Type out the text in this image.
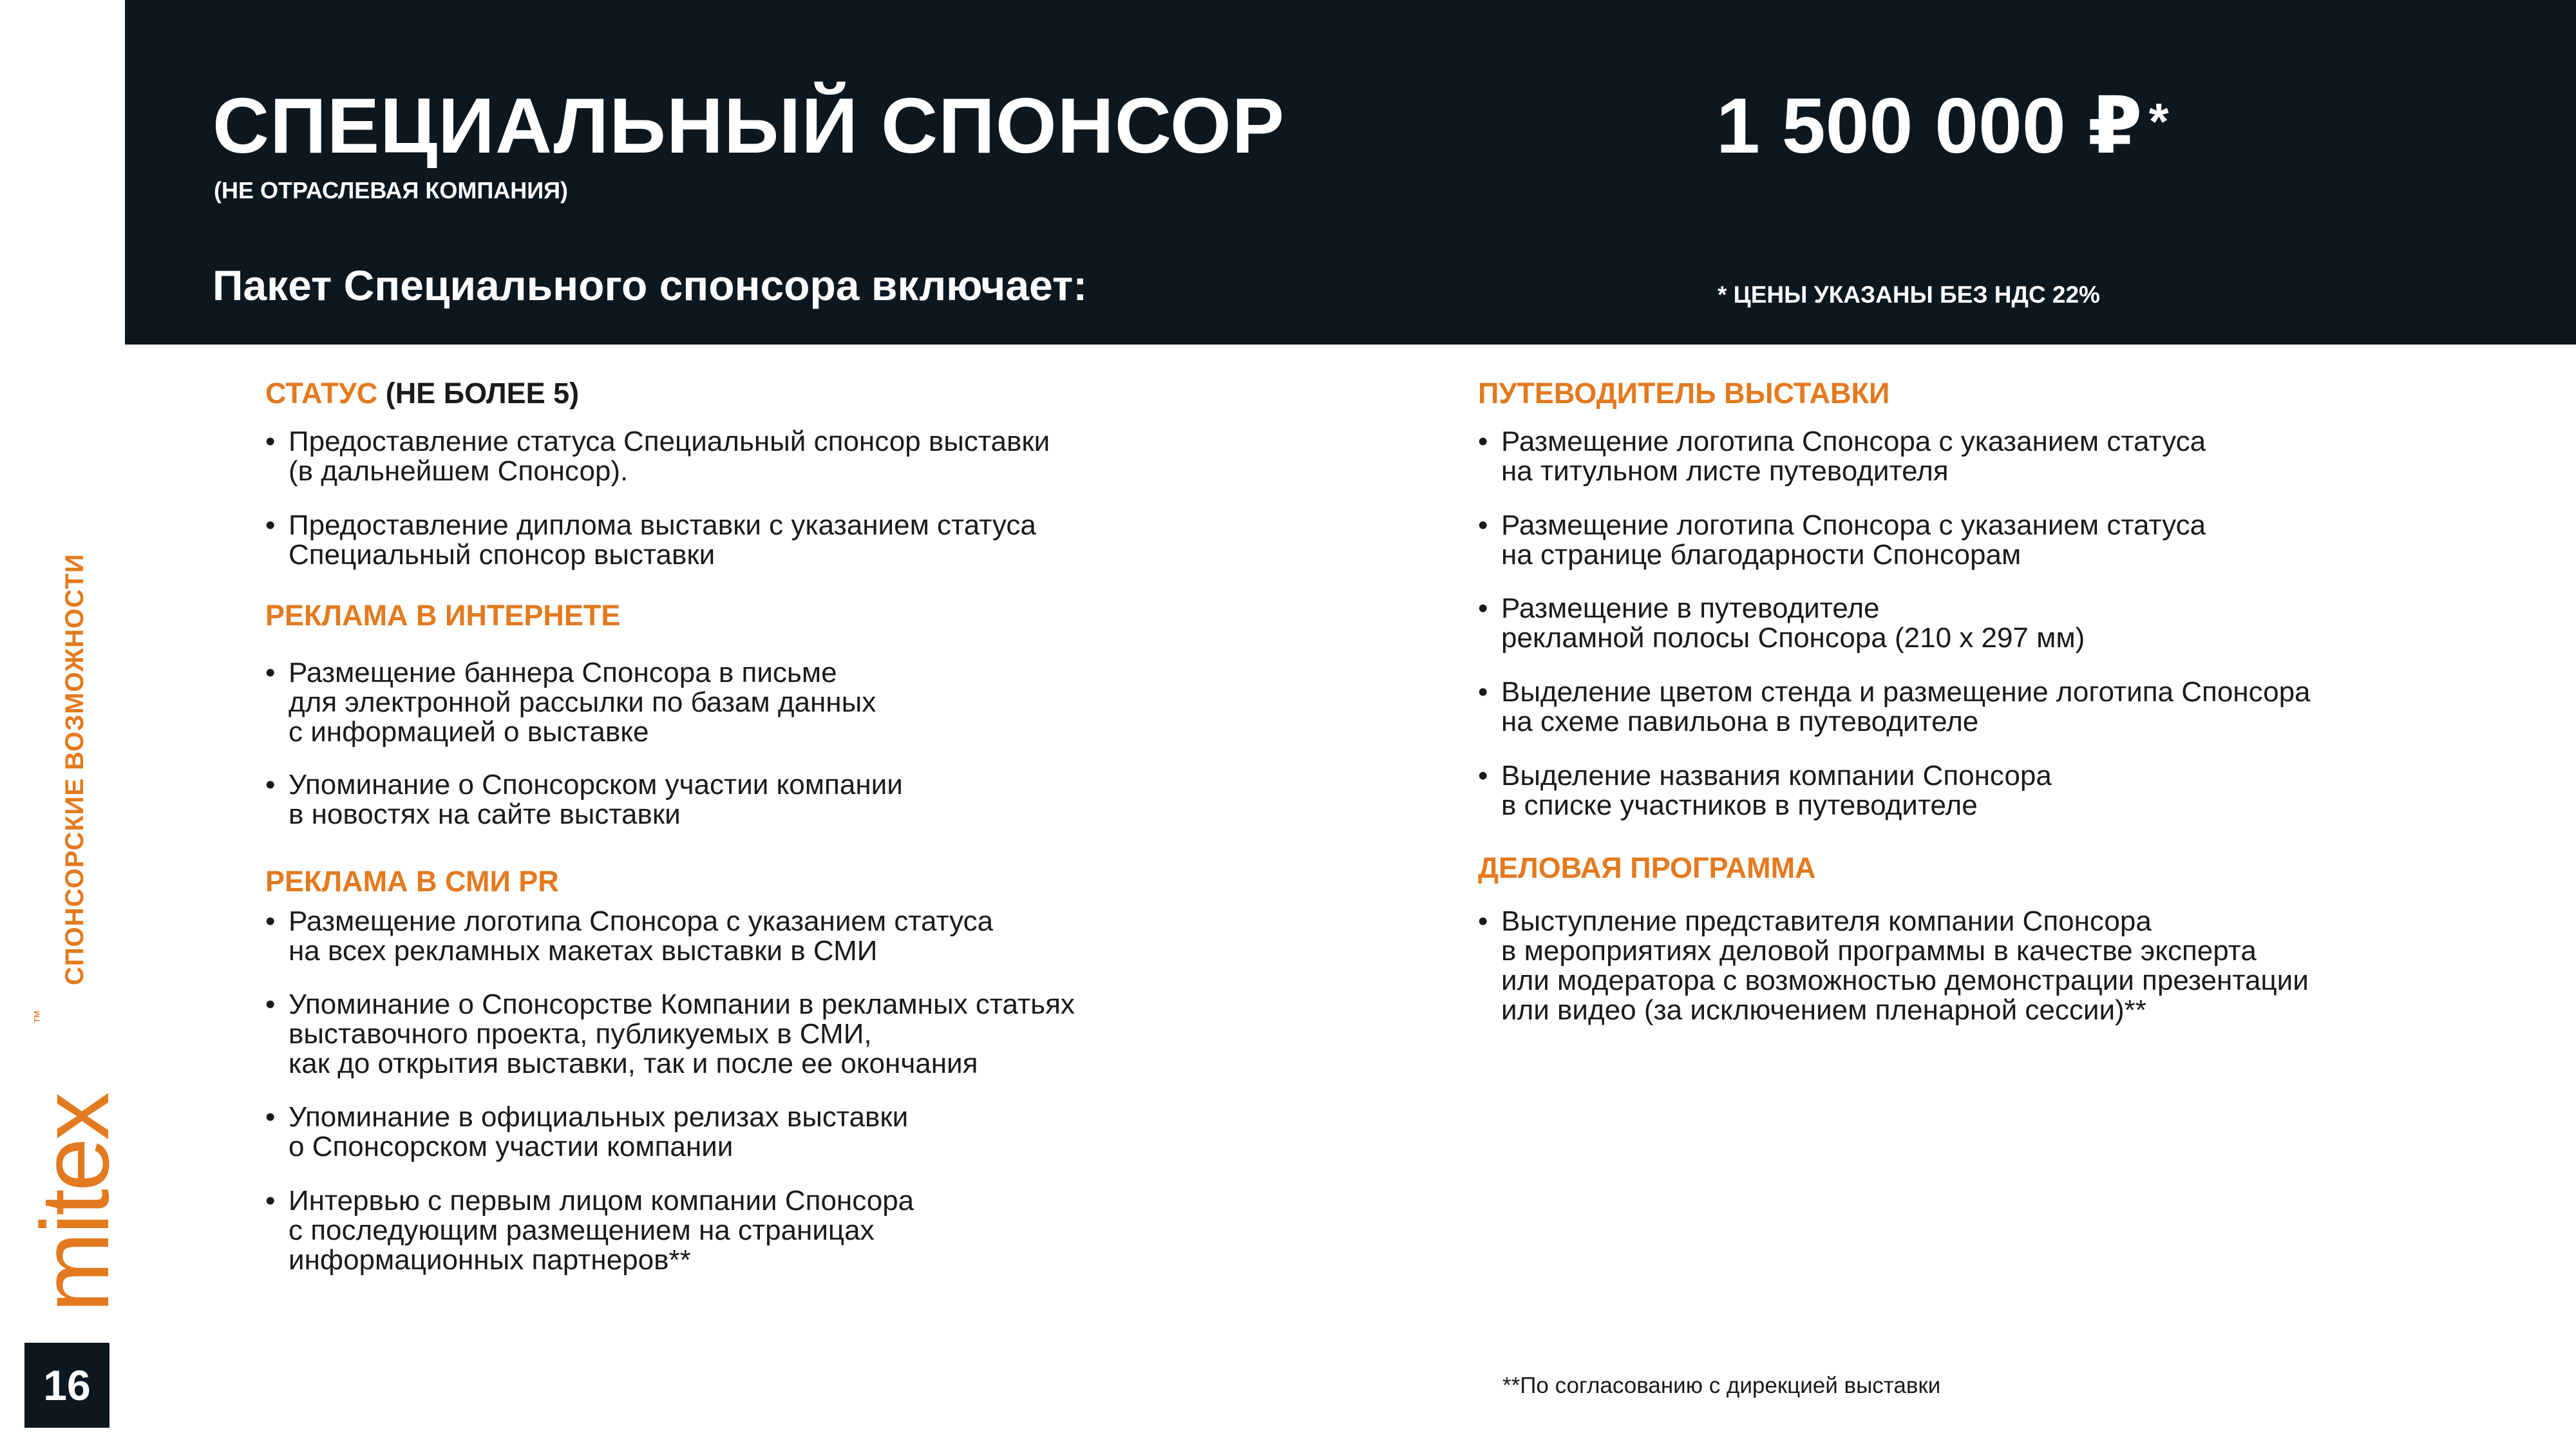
СПЕЦИАЛЬНЫЙ СПОНСОР
(НЕ ОТРАСЛЕВАЯ КОМПАНИЯ)
Пакет Специального спонсора включает:
1 500 000 ₽ *
* ЦЕНЫ УКАЗАНЫ БЕЗ НДС 22%
СПОНСОРСКИЕ ВОЗМОЖНОСТИ
mitex
™
16
СТАТУС (НЕ БОЛЕЕ 5)
• Предоставление статуса Специальный спонсор выставки
(в дальнейшем Спонсор).
• Предоставление диплома выставки с указанием статуса
Специальный спонсор выставки
РЕКЛАМА В ИНТЕРНЕТЕ
• Размещение баннера Спонсора в письме
для электронной рассылки по базам данных
с информацией о выставке
• Упоминание о Спонсорском участии компании
в новостях на сайте выставки
РЕКЛАМА В СМИ PR
• Размещение логотипа Спонсора с указанием статуса
на всех рекламных макетах выставки в СМИ
• Упоминание о Спонсорстве Компании в рекламных статьях
выставочного проекта, публикуемых в СМИ,
как до открытия выставки, так и после ее окончания
• Упоминание в официальных релизах выставки
о Спонсорском участии компании
• Интервью с первым лицом компании Спонсора
с последующим размещением на страницах
информационных партнеров**
ПУТЕВОДИТЕЛЬ ВЫСТАВКИ
• Размещение логотипа Спонсора с указанием статуса
на титульном листе путеводителя
• Размещение логотипа Спонсора с указанием статуса
на странице благодарности Спонсорам
• Размещение в путеводителе
рекламной полосы Спонсора (210 х 297 мм)
• Выделение цветом стенда и размещение логотипа Спонсора
на схеме павильона в путеводителе
• Выделение названия компании Спонсора
в списке участников в путеводителе
ДЕЛОВАЯ ПРОГРАММА
• Выступление представителя компании Спонсора
в мероприятиях деловой программы в качестве эксперта
или модератора с возможностью демонстрации презентации
или видео (за исключением пленарной сессии)**
**По согласованию с дирекцией выставки
